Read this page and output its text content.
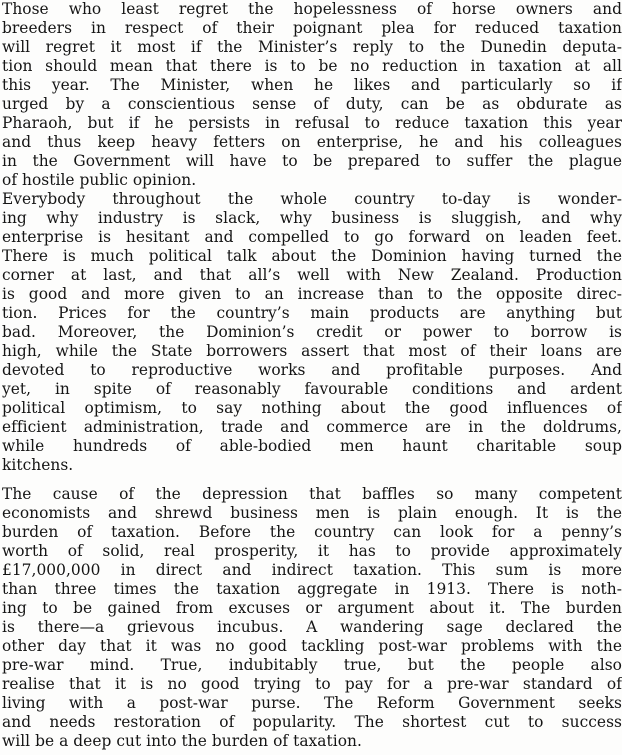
Those who least regret the hopelessness of horse owners and
breeders in respect of their poignant plea for reduced taxation
will regret it most if the Minister’s reply to the Dunedin deputa-
tion should mean that there is to be no reduction in taxation at all
this year. The Minister, when he likes and particularly so if
urged by a conscientious sense of duty, can be as obdurate as
Pharaoh, but if he persists in refusal to reduce taxation this year
and thus keep heavy fetters on enterprise, he and his colleagues
in the Government will have to be prepared to suffer the plague
of hostile public opinion.
Everybody throughout the whole country to-day is wonder-
ing why industry is slack, why business is sluggish, and why
enterprise is hesitant and compelled to go forward on leaden feet.
There is much political talk about the Dominion having turned the
corner at last, and that all’s well with New Zealand. Production
is good and more given to an increase than to the opposite direc-
tion. Prices for the country’s main products are anything but
bad. Moreover, the Dominion’s credit or power to borrow is
high, while the State borrowers assert that most of their loans are
devoted to reproductive works and profitable purposes. And
yet, in spite of reasonably favourable conditions and ardent
political optimism, to say nothing about the good influences of
efficient administration, trade and commerce are in the doldrums,
while hundreds of able-bodied men haunt charitable soup
kitchens.
The cause of the depression that baffles so many competent
economists and shrewd business men is plain enough. It is the
burden of taxation. Before the country can look for a penny’s
worth of solid, real prosperity, it has to provide approximately
£17,000,000 in direct and indirect taxation. This sum is more
than three times the taxation aggregate in 1913. There is noth-
ing to be gained from excuses or argument about it. The burden
is there—a grievous incubus. A wandering sage declared the
other day that it was no good tackling post-war problems with the
pre-war mind. True, indubitably true, but the people also
realise that it is no good trying to pay for a pre-war standard of
living with a post-war purse. The Reform Government seeks
and needs restoration of popularity. The shortest cut to success
will be a deep cut into the burden of taxation.
